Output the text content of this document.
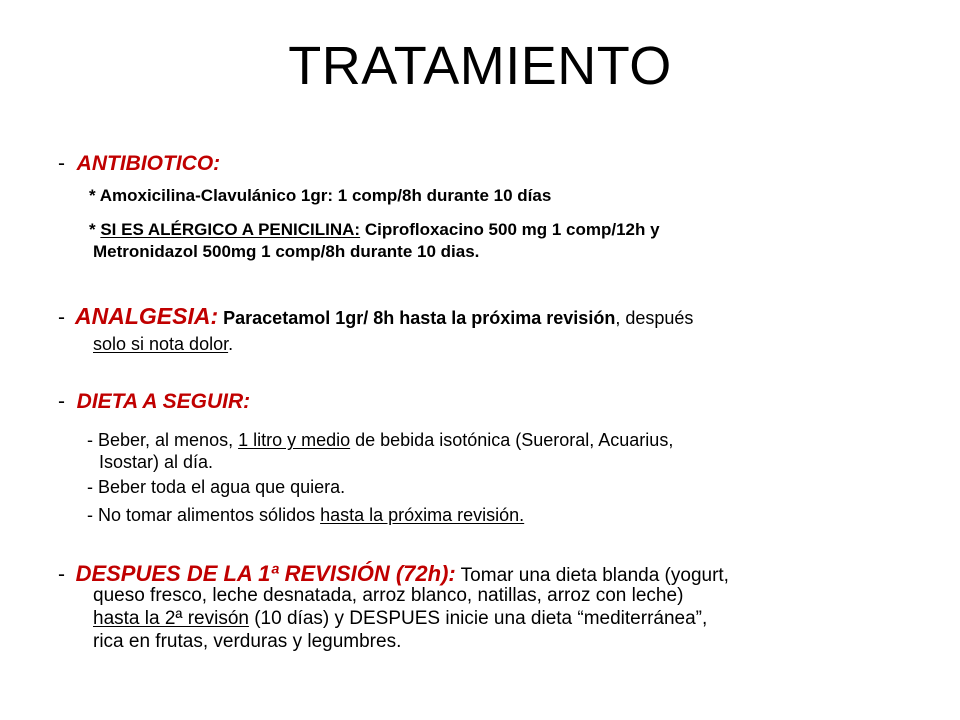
TRATAMIENTO
- ANTIBIOTICO:
* Amoxicilina-Clavulánico 1gr: 1 comp/8h durante 10 días
* SI ES ALÉRGICO A PENICILINA: Ciprofloxacino 500 mg 1 comp/12h y
Metronidazol 500mg 1 comp/8h durante 10 dias.
- ANALGESIA: Paracetamol 1gr/ 8h hasta la próxima revisión, después
solo si nota dolor.
- DIETA A SEGUIR:
- Beber, al menos, 1 litro y medio de bebida isotónica (Sueroral, Acuarius,
Isostar) al día.
- Beber toda el agua que quiera.
- No tomar alimentos sólidos hasta la próxima revisión.
- DESPUES DE LA 1ª REVISIÓN (72h): Tomar una dieta blanda (yogurt,
queso fresco, leche desnatada, arroz blanco, natillas, arroz con leche)
hasta la 2ª revisón (10 días) y DESPUES inicie una dieta “mediterránea”,
rica en frutas, verduras y legumbres.
